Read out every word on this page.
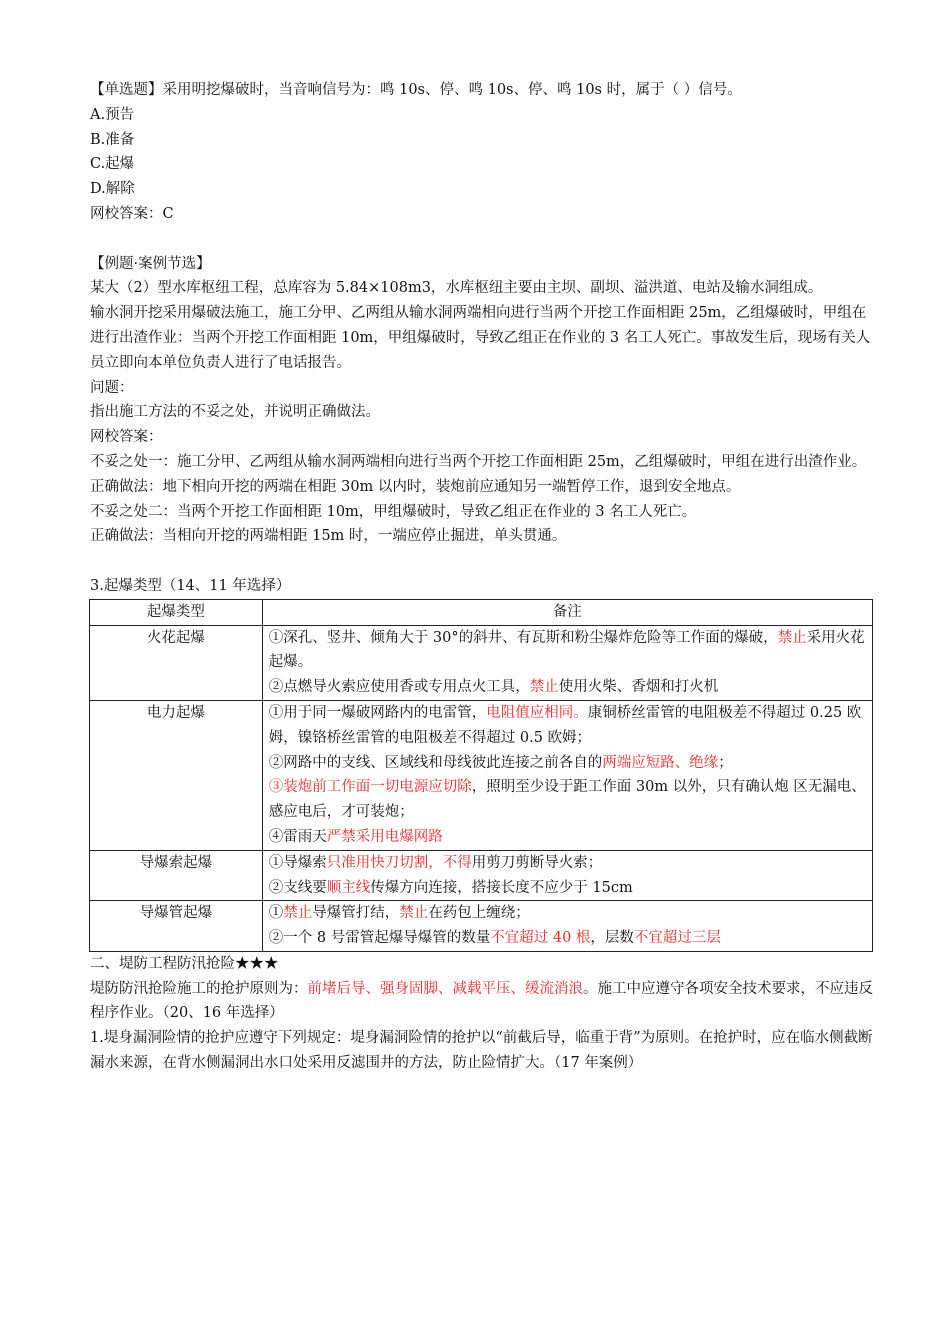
【单选题】采用明挖爆破时，当音响信号为：鸣 10s、停、鸣 10s、停、鸣 10s 时，属于（ ）信号。

A.预告

B.准备

C.起爆

D.解除

网校答案：C

【例题·案例节选】

某大（2）型水库枢纽工程，总库容为 5.84×108m3，水库枢纽主要由主坝、副坝、溢洪道、电站及输水洞组成。

输水洞开挖采用爆破法施工，施工分甲、乙两组从输水洞两端相向进行当两个开挖工作面相距 25m，乙组爆破时，甲组在进行出渣作业：当两个开挖工作面相距 10m，甲组爆破时，导致乙组正在作业的 3 名工人死亡。事故发生后，现场有关人员立即向本单位负责人进行了电话报告。

问题：

指出施工方法的不妥之处，并说明正确做法。

网校答案：

不妥之处一：施工分甲、乙两组从输水洞两端相向进行当两个开挖工作面相距 25m，乙组爆破时，甲组在进行出渣作业。

正确做法：地下相向开挖的两端在相距 30m 以内时，装炮前应通知另一端暂停工作，退到安全地点。

不妥之处二：当两个开挖工作面相距 10m，甲组爆破时，导致乙组正在作业的 3 名工人死亡。

正确做法：当相向开挖的两端相距 15m 时，一端应停止掘进，单头贯通。

3.起爆类型（14、11 年选择）

起爆类型	备注
火花起爆	①深孔、竖井、倾角大于 30°的斜井、有瓦斯和粉尘爆炸危险等工作面的爆破，禁止采用火花起爆。
②点燃导火索应使用香或专用点火工具，禁止使用火柴、香烟和打火机

电力起爆	①用于同一爆破网路内的电雷管，电阻值应相同。康铜桥丝雷管的电阻极差不得超过 0.25 欧姆，镍铬桥丝雷管的电阻极差不得超过 0.5 欧姆；
②网路中的支线、区域线和母线彼此连接之前各自的两端应短路、绝缘；
③装炮前工作面一切电源应切除，照明至少设于距工作面 30m 以外，只有确认炮 区无漏电、感应电后，才可装炮；
④雷雨天严禁采用电爆网路

导爆索起爆	①导爆索只准用快刀切割，不得用剪刀剪断导火索；
②支线要顺主线传爆方向连接，搭接长度不应少于 15cm

导爆管起爆	①禁止导爆管打结，禁止在药包上缠绕；
②一个 8 号雷管起爆导爆管的数量不宜超过 40 根，层数不宜超过三层

二、堤防工程防汛抢险★★★

堤防防汛抢险施工的抢护原则为：前堵后导、强身固脚、减载平压、缓流消浪。施工中应遵守各项安全技术要求，不应违反程序作业。（20、16 年选择）

1.堤身漏洞险情的抢护应遵守下列规定：堤身漏洞险情的抢护以“前截后导，临重于背”为原则。在抢护时，应在临水侧截断漏水来源，在背水侧漏洞出水口处采用反滤围井的方法，防止险情扩大。（17 年案例）
